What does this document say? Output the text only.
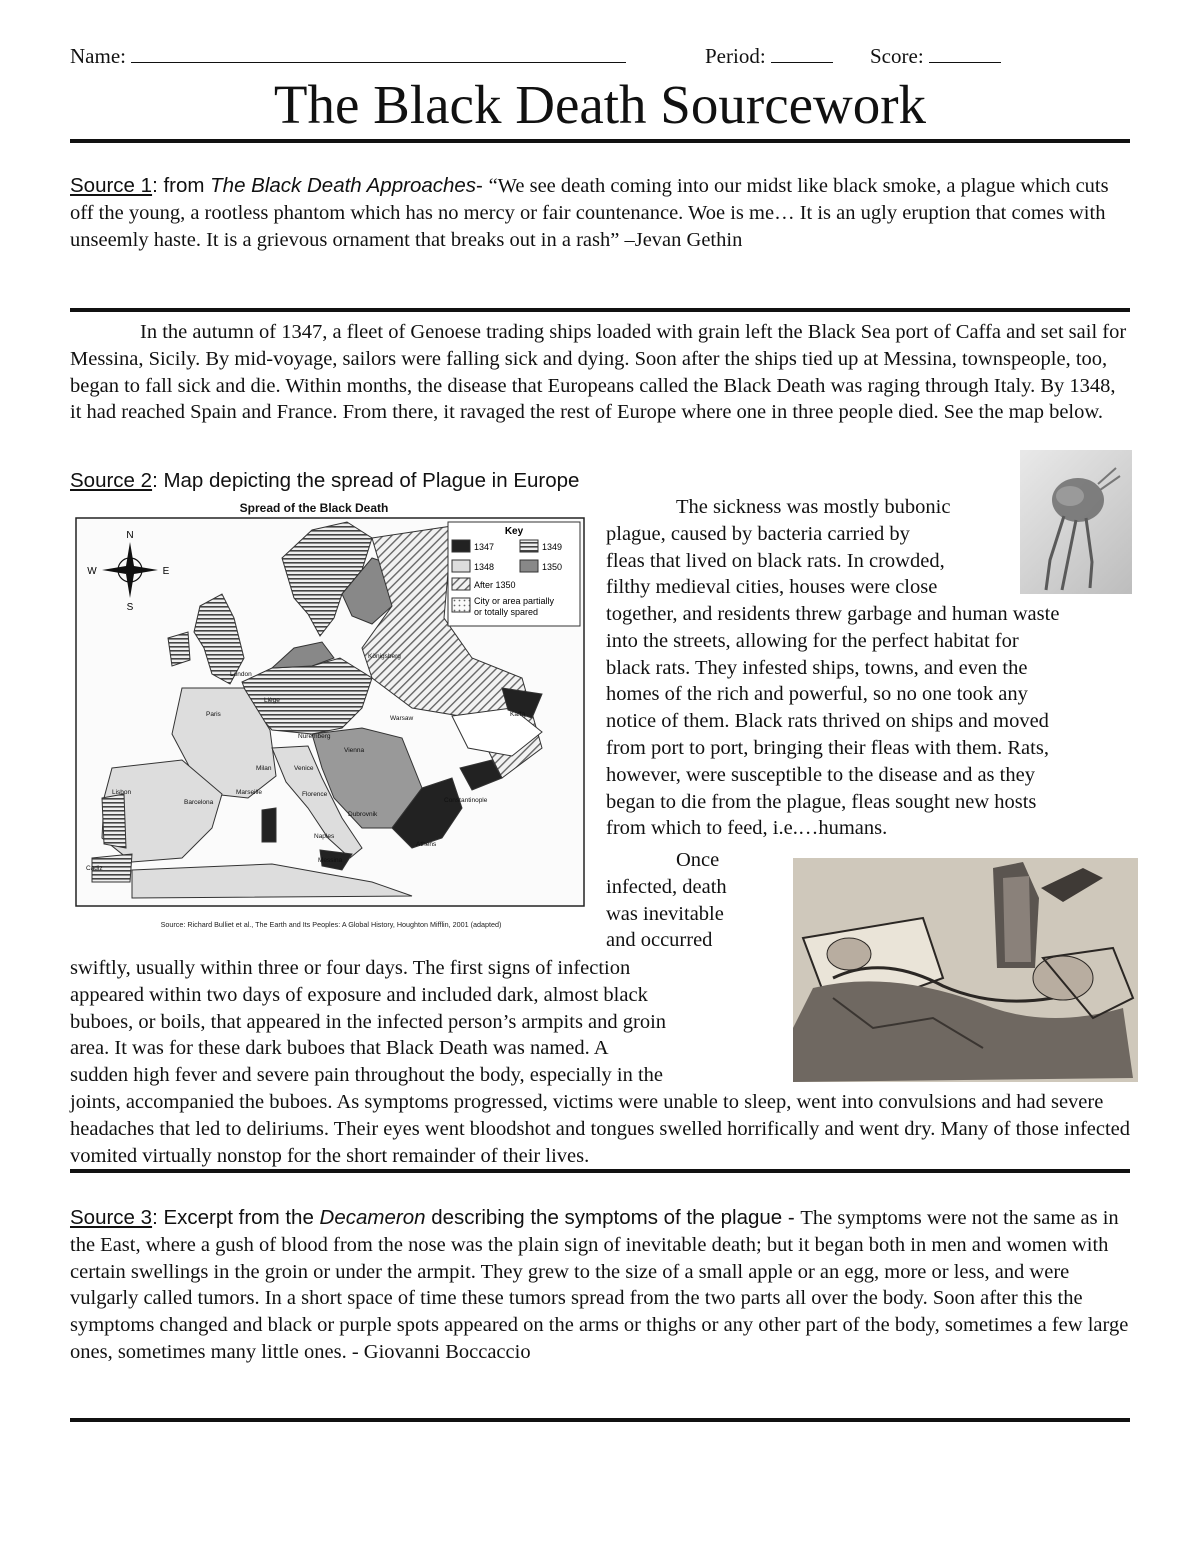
Name:	Period:	Score:
The Black Death Sourcework
Source 1: from The Black Death Approaches- “We see death coming into our midst like black smoke, a plague which cuts off the young, a rootless phantom which has no mercy or fair countenance. Woe is me… It is an ugly eruption that comes with unseemly haste. It is a grievous ornament that breaks out in a rash” –Jevan Gethin
In the autumn of 1347, a fleet of Genoese trading ships loaded with grain left the Black Sea port of Caffa and set sail for Messina, Sicily. By mid-voyage, sailors were falling sick and dying. Soon after the ships tied up at Messina, townspeople, too, began to fall sick and die. Within months, the disease that Europeans called the Black Death was raging through Italy. By 1348, it had reached Spain and France. From there, it ravaged the rest of Europe where one in three people died. See the map below.
Source 2: Map depicting the spread of Plague in Europe
Spread of the Black Death
N
E
S
W
Key
1347
1348
1349
1350
After 1350
City or area partially
or totally spared
Königsberg
London
Liège
Paris
Warsaw
Nuremberg
Vienna
Milan	Venice
Kaffa
Marseille	Florence
Lisbon
Barcelona
Dubrovnik
Constantinople
Naples
Cadiz
Messina
Athens
Source: Richard Bulliet et al., The Earth and Its Peoples: A Global History, Houghton Mifflin, 2001 (adapted)
The sickness was mostly bubonic
plague, caused by bacteria carried by
fleas that lived on black rats. In crowded,
filthy medieval cities, houses were close
together, and residents threw garbage and human waste
into the streets, allowing for the perfect habitat for
black rats. They infested ships, towns, and even the
homes of the rich and powerful, so no one took any
notice of them. Black rats thrived on ships and moved
from port to port, bringing their fleas with them. Rats,
however, were susceptible to the disease and as they
began to die from the plague, fleas sought new hosts
from which to feed, i.e.…humans.
Once
infected, death
was inevitable
and occurred
swiftly, usually within three or four days. The first signs of infection
appeared within two days of exposure and included dark, almost black
buboes, or boils, that appeared in the infected person’s armpits and groin
area. It was for these dark buboes that Black Death was named. A
sudden high fever and severe pain throughout the body, especially in the
joints, accompanied the buboes. As symptoms progressed, victims were unable to sleep, went into convulsions and had severe headaches that led to deliriums. Their eyes went bloodshot and tongues swelled horrifically and went dry. Many of those infected vomited virtually nonstop for the short remainder of their lives.
Source 3: Excerpt from the Decameron describing the symptoms of the plague - The symptoms were not the same as in the East, where a gush of blood from the nose was the plain sign of inevitable death; but it began both in men and women with certain swellings in the groin or under the armpit. They grew to the size of a small apple or an egg, more or less, and were vulgarly called tumors. In a short space of time these tumors spread from the two parts all over the body. Soon after this the symptoms changed and black or purple spots appeared on the arms or thighs or any other part of the body, sometimes a few large ones, sometimes many little ones. - Giovanni Boccaccio
